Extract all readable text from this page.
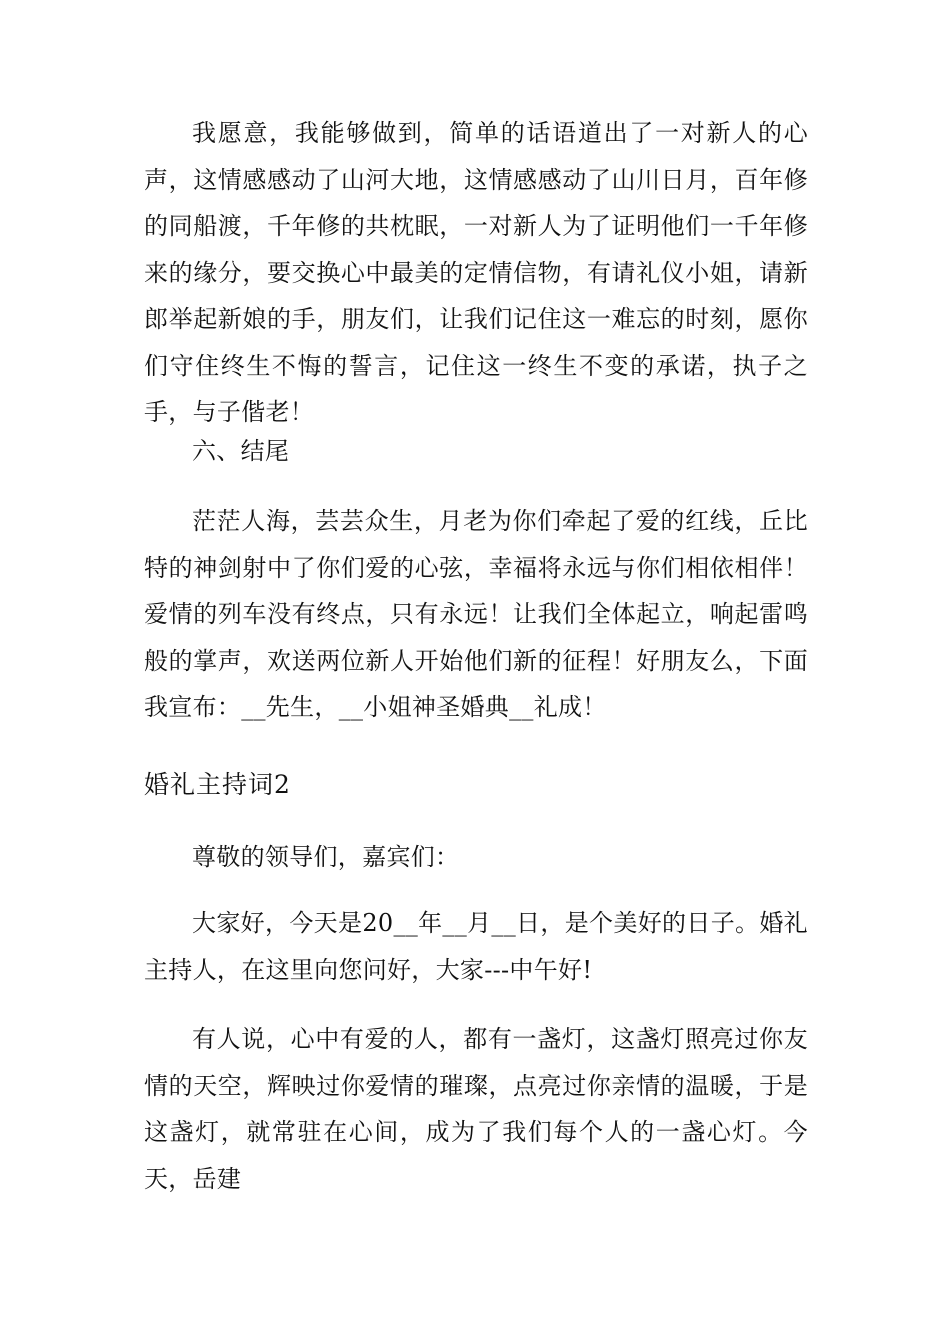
我愿意，我能够做到，简单的话语道出了一对新人的心声，这情感感动了山河大地，这情感感动了山川日月，百年修的同船渡，千年修的共枕眠，一对新人为了证明他们一千年修来的缘分，要交换心中最美的定情信物，有请礼仪小姐，请新郎举起新娘的手，朋友们，让我们记住这一难忘的时刻，愿你们守住终生不悔的誓言，记住这一终生不变的承诺，执子之手，与子偕老！

六、结尾

茫茫人海，芸芸众生，月老为你们牵起了爱的红线，丘比特的神剑射中了你们爱的心弦，幸福将永远与你们相依相伴！爱情的列车没有终点，只有永远！让我们全体起立，响起雷鸣般的掌声，欢送两位新人开始他们新的征程！好朋友么，下面我宣布：__先生，__小姐神圣婚典__礼成！

婚礼主持词2

尊敬的领导们，嘉宾们：

大家好，今天是20__年__月__日，是个美好的日子。婚礼主持人，在这里向您问好，大家---中午好!

有人说，心中有爱的人，都有一盏灯，这盏灯照亮过你友情的天空，辉映过你爱情的璀璨，点亮过你亲情的温暖，于是这盏灯，就常驻在心间，成为了我们每个人的一盏心灯。今天，岳建
